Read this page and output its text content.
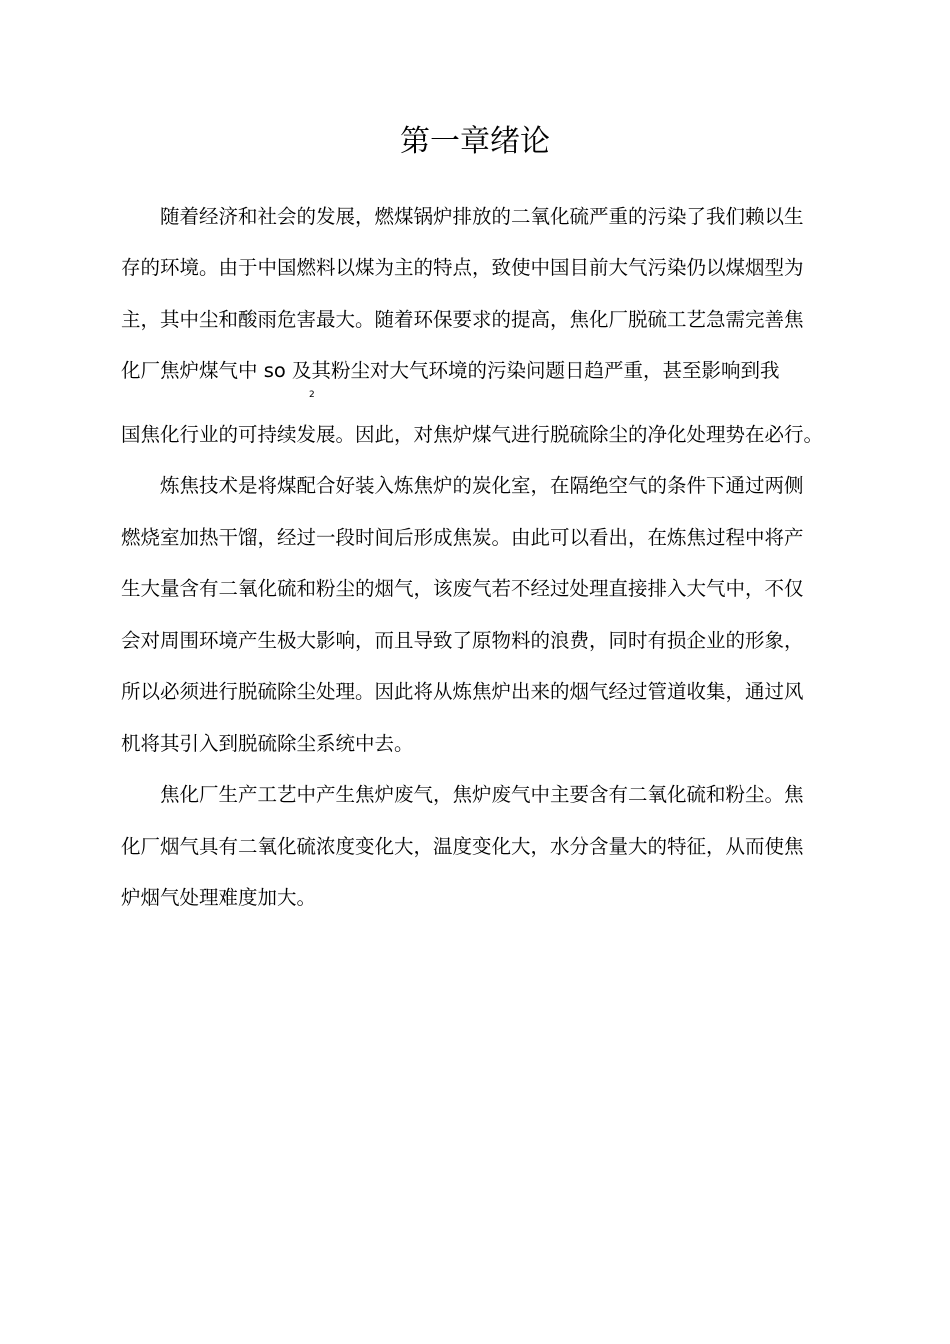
第一章绪论

随着经济和社会的发展，燃煤锅炉排放的二氧化硫严重的污染了我们赖以生

存的环境。由于中国燃料以煤为主的特点，致使中国目前大气污染仍以煤烟型为

主，其中尘和酸雨危害最大。随着环保要求的提高，焦化厂脱硫工艺急需完善焦

化厂焦炉煤气中 so 及其粉尘对大气环境的污染问题日趋严重，甚至影响到我

2

国焦化行业的可持续发展。因此，对焦炉煤气进行脱硫除尘的净化处理势在必行。

炼焦技术是将煤配合好装入炼焦炉的炭化室，在隔绝空气的条件下通过两侧

燃烧室加热干馏，经过一段时间后形成焦炭。由此可以看出，在炼焦过程中将产

生大量含有二氧化硫和粉尘的烟气，该废气若不经过处理直接排入大气中，不仅

会对周围环境产生极大影响，而且导致了原物料的浪费，同时有损企业的形象，

所以必须进行脱硫除尘处理。因此将从炼焦炉出来的烟气经过管道收集，通过风

机将其引入到脱硫除尘系统中去。

焦化厂生产工艺中产生焦炉废气，焦炉废气中主要含有二氧化硫和粉尘。焦

化厂烟气具有二氧化硫浓度变化大，温度变化大，水分含量大的特征，从而使焦

炉烟气处理难度加大。
